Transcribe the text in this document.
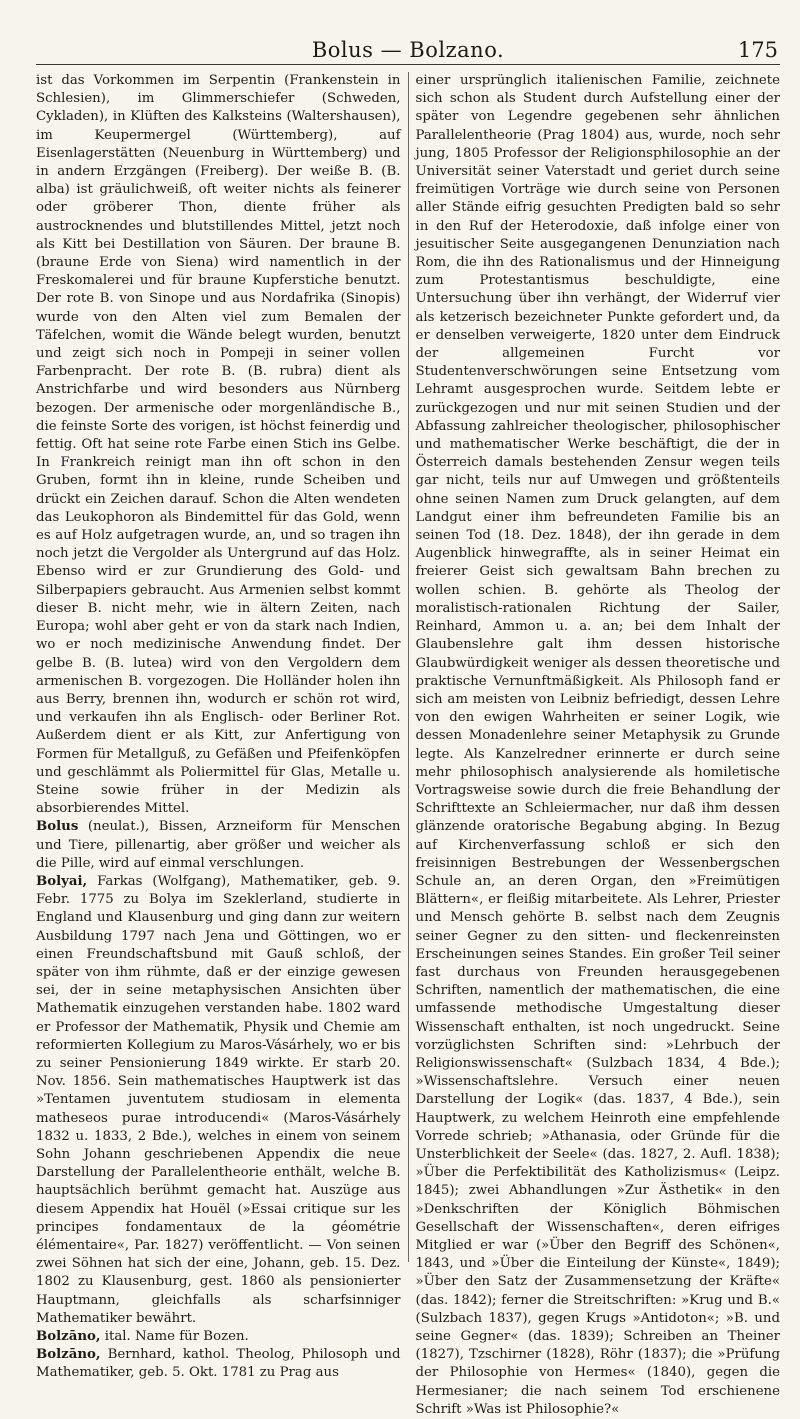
Bolus — Bolzano.	175

ist das Vorkommen im Serpentin (Frankenstein in Schlesien), im Glimmerschiefer (Schweden, Cykladen), in Klüften des Kalksteins (Waltershausen), im Keupermergel (Württemberg), auf Eisenlagerstätten (Neuenburg in Württemberg) und in andern Erzgängen (Freiberg). Der weiße B. (B. alba) ist gräulichweiß, oft weiter nichts als feinerer oder gröberer Thon, diente früher als austrocknendes und blutstillendes Mittel, jetzt noch als Kitt bei Destillation von Säuren. Der braune B. (braune Erde von Siena) wird namentlich in der Freskomalerei und für braune Kupferstiche benutzt. Der rote B. von Sinope und aus Nordafrika (Sinopis) wurde von den Alten viel zum Bemalen der Täfelchen, womit die Wände belegt wurden, benutzt und zeigt sich noch in Pompeji in seiner vollen Farbenpracht. Der rote B. (B. rubra) dient als Anstrichfarbe und wird besonders aus Nürnberg bezogen. Der armenische oder morgenländische B., die feinste Sorte des vorigen, ist höchst feinerdig und fettig. Oft hat seine rote Farbe einen Stich ins Gelbe. In Frankreich reinigt man ihn oft schon in den Gruben, formt ihn in kleine, runde Scheiben und drückt ein Zeichen darauf. Schon die Alten wendeten das Leukophoron als Bindemittel für das Gold, wenn es auf Holz aufgetragen wurde, an, und so tragen ihn noch jetzt die Vergolder als Untergrund auf das Holz. Ebenso wird er zur Grundierung des Gold- und Silberpapiers gebraucht. Aus Armenien selbst kommt dieser B. nicht mehr, wie in ältern Zeiten, nach Europa; wohl aber geht er von da stark nach Indien, wo er noch medizinische Anwendung findet. Der gelbe B. (B. lutea) wird von den Vergoldern dem armenischen B. vorgezogen. Die Holländer holen ihn aus Berry, brennen ihn, wodurch er schön rot wird, und verkaufen ihn als Englisch- oder Berliner Rot. Außerdem dient er als Kitt, zur Anfertigung von Formen für Metallguß, zu Gefäßen und Pfeifenköpfen und geschlämmt als Poliermittel für Glas, Metalle u. Steine sowie früher in der Medizin als absorbierendes Mittel.

Bolus (neulat.), Bissen, Arzneiform für Menschen und Tiere, pillenartig, aber größer und weicher als die Pille, wird auf einmal verschlungen.

Bolyai, Farkas (Wolfgang), Mathematiker, geb. 9. Febr. 1775 zu Bolya im Szeklerland, studierte in England und Klausenburg und ging dann zur weitern Ausbildung 1797 nach Jena und Göttingen, wo er einen Freundschaftsbund mit Gauß schloß, der später von ihm rühmte, daß er der einzige gewesen sei, der in seine metaphysischen Ansichten über Mathematik einzugehen verstanden habe. 1802 ward er Professor der Mathematik, Physik und Chemie am reformierten Kollegium zu Maros-Vásárhely, wo er bis zu seiner Pensionierung 1849 wirkte. Er starb 20. Nov. 1856. Sein mathematisches Hauptwerk ist das »Tentamen juventutem studiosam in elementa matheseos purae introducendi« (Maros-Vásárhely 1832 u. 1833, 2 Bde.), welches in einem von seinem Sohn Johann geschriebenen Appendix die neue Darstellung der Parallelentheorie enthält, welche B. hauptsächlich berühmt gemacht hat. Auszüge aus diesem Appendix hat Houël (»Essai critique sur les principes fondamentaux de la géométrie élémentaire«, Par. 1827) veröffentlicht. — Von seinen zwei Söhnen hat sich der eine, Johann, geb. 15. Dez. 1802 zu Klausenburg, gest. 1860 als pensionierter Hauptmann, gleichfalls als scharfsinniger Mathematiker bewährt.

Bolzāno, ital. Name für Bozen.

Bolzāno, Bernhard, kathol. Theolog, Philosoph und Mathematiker, geb. 5. Okt. 1781 zu Prag aus

einer ursprünglich italienischen Familie, zeichnete sich schon als Student durch Aufstellung einer der später von Legendre gegebenen sehr ähnlichen Parallelentheorie (Prag 1804) aus, wurde, noch sehr jung, 1805 Professor der Religionsphilosophie an der Universität seiner Vaterstadt und geriet durch seine freimütigen Vorträge wie durch seine von Personen aller Stände eifrig gesuchten Predigten bald so sehr in den Ruf der Heterodoxie, daß infolge einer von jesuitischer Seite ausgegangenen Denunziation nach Rom, die ihn des Rationalismus und der Hinneigung zum Protestantismus beschuldigte, eine Untersuchung über ihn verhängt, der Widerruf vier als ketzerisch bezeichneter Punkte gefordert und, da er denselben verweigerte, 1820 unter dem Eindruck der allgemeinen Furcht vor Studentenverschwörungen seine Entsetzung vom Lehramt ausgesprochen wurde. Seitdem lebte er zurückgezogen und nur mit seinen Studien und der Abfassung zahlreicher theologischer, philosophischer und mathematischer Werke beschäftigt, die der in Österreich damals bestehenden Zensur wegen teils gar nicht, teils nur auf Umwegen und größtenteils ohne seinen Namen zum Druck gelangten, auf dem Landgut einer ihm befreundeten Familie bis an seinen Tod (18. Dez. 1848), der ihn gerade in dem Augenblick hinwegraffte, als in seiner Heimat ein freierer Geist sich gewaltsam Bahn brechen zu wollen schien. B. gehörte als Theolog der moralistisch-rationalen Richtung der Sailer, Reinhard, Ammon u. a. an; bei dem Inhalt der Glaubenslehre galt ihm dessen historische Glaubwürdigkeit weniger als dessen theoretische und praktische Vernunftmäßigkeit. Als Philosoph fand er sich am meisten von Leibniz befriedigt, dessen Lehre von den ewigen Wahrheiten er seiner Logik, wie dessen Monadenlehre seiner Metaphysik zu Grunde legte. Als Kanzelredner erinnerte er durch seine mehr philosophisch analysierende als homiletische Vortragsweise sowie durch die freie Behandlung der Schrifttexte an Schleiermacher, nur daß ihm dessen glänzende oratorische Begabung abging. In Bezug auf Kirchenverfassung schloß er sich den freisinnigen Bestrebungen der Wessenbergschen Schule an, an deren Organ, den »Freimütigen Blättern«, er fleißig mitarbeitete. Als Lehrer, Priester und Mensch gehörte B. selbst nach dem Zeugnis seiner Gegner zu den sitten- und fleckenreinsten Erscheinungen seines Standes. Ein großer Teil seiner fast durchaus von Freunden herausgegebenen Schriften, namentlich der mathematischen, die eine umfassende methodische Umgestaltung dieser Wissenschaft enthalten, ist noch ungedruckt. Seine vorzüglichsten Schriften sind: »Lehrbuch der Religionswissenschaft« (Sulzbach 1834, 4 Bde.); »Wissenschaftslehre. Versuch einer neuen Darstellung der Logik« (das. 1837, 4 Bde.), sein Hauptwerk, zu welchem Heinroth eine empfehlende Vorrede schrieb; »Athanasia, oder Gründe für die Unsterblichkeit der Seele« (das. 1827, 2. Aufl. 1838); »Über die Perfektibilität des Katholizismus« (Leipz. 1845); zwei Abhandlungen »Zur Ästhetik« in den »Denkschriften der Königlich Böhmischen Gesellschaft der Wissenschaften«, deren eifriges Mitglied er war (»Über den Begriff des Schönen«, 1843, und »Über die Einteilung der Künste«, 1849); »Über den Satz der Zusammensetzung der Kräfte« (das. 1842); ferner die Streitschriften: »Krug und B.« (Sulzbach 1837), gegen Krugs »Antidoton«; »B. und seine Gegner« (das. 1839); Schreiben an Theiner (1827), Tzschirner (1828), Röhr (1837); die »Prüfung der Philosophie von Hermes« (1840), gegen die Hermesianer; die nach seinem Tod erschienene Schrift »Was ist Philosophie?«
